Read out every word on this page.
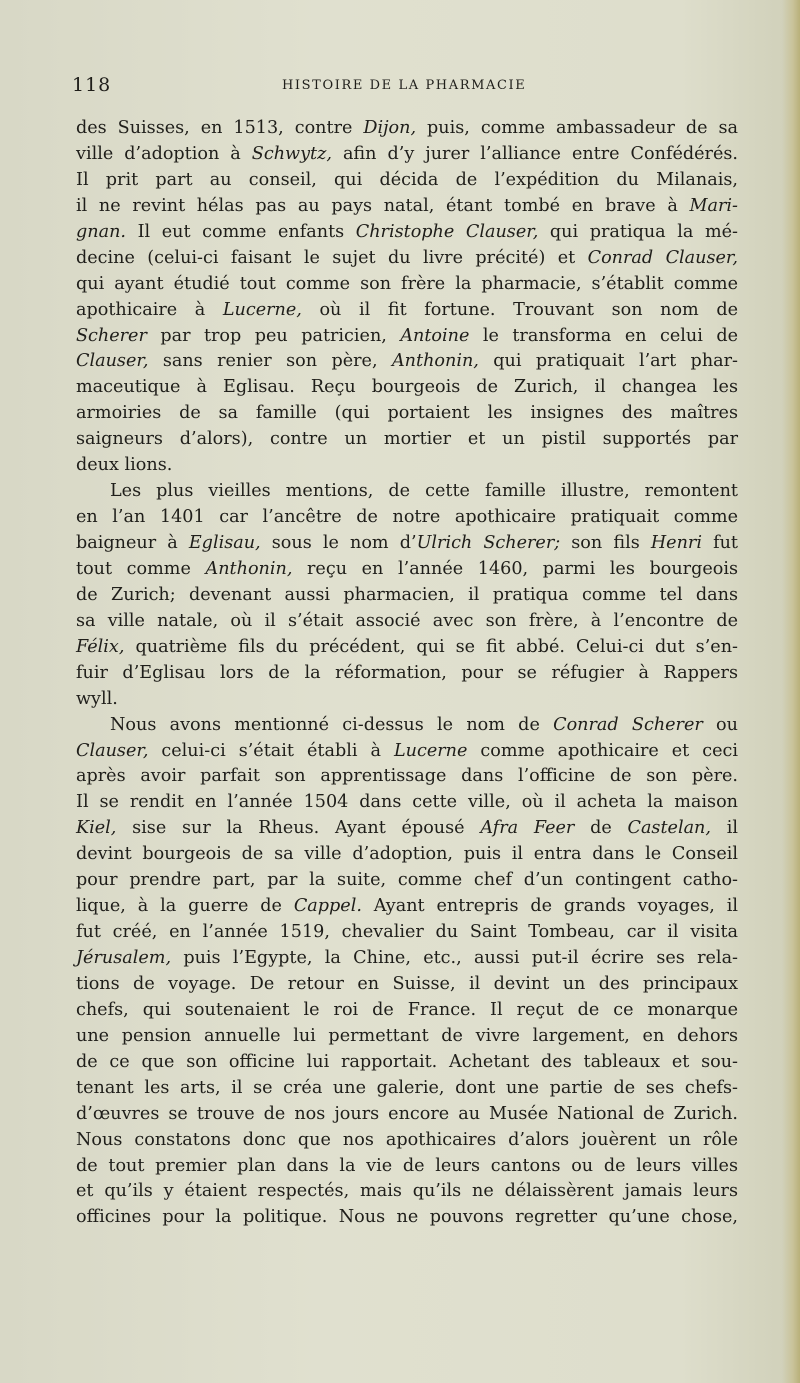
118	HISTOIRE DE LA PHARMACIE
des Suisses, en 1513, contre Dijon, puis, comme ambassadeur de sa
ville d’adoption à Schwytz, afin d’y jurer l’alliance entre Confédérés.
Il prit part au conseil, qui décida de l’expédition du Milanais,
il ne revint hélas pas au pays natal, étant tombé en brave à Mari-
gnan. Il eut comme enfants Christophe Clauser, qui pratiqua la mé-
decine (celui-ci faisant le sujet du livre précité) et Conrad Clauser,
qui ayant étudié tout comme son frère la pharmacie, s’établit comme
apothicaire à Lucerne, où il fit fortune. Trouvant son nom de
Scherer par trop peu patricien, Antoine le transforma en celui de
Clauser, sans renier son père, Anthonin, qui pratiquait l’art phar-
maceutique à Eglisau. Reçu bourgeois de Zurich, il changea les
armoiries de sa famille (qui portaient les insignes des maîtres
saigneurs d’alors), contre un mortier et un pistil supportés par
deux lions.
Les plus vieilles mentions, de cette famille illustre, remontent
en l’an 1401 car l’ancêtre de notre apothicaire pratiquait comme
baigneur à Eglisau, sous le nom d’Ulrich Scherer; son fils Henri fut
tout comme Anthonin, reçu en l’année 1460, parmi les bourgeois
de Zurich; devenant aussi pharmacien, il pratiqua comme tel dans
sa ville natale, où il s’était associé avec son frère, à l’encontre de
Félix, quatrième fils du précédent, qui se fit abbé. Celui-ci dut s’en-
fuir d’Eglisau lors de la réformation, pour se réfugier à Rappers
wyll.
Nous avons mentionné ci-dessus le nom de Conrad Scherer ou
Clauser, celui-ci s’était établi à Lucerne comme apothicaire et ceci
après avoir parfait son apprentissage dans l’officine de son père.
Il se rendit en l’année 1504 dans cette ville, où il acheta la maison
Kiel, sise sur la Rheus. Ayant épousé Afra Feer de Castelan, il
devint bourgeois de sa ville d’adoption, puis il entra dans le Conseil
pour prendre part, par la suite, comme chef d’un contingent catho-
lique, à la guerre de Cappel. Ayant entrepris de grands voyages, il
fut créé, en l’année 1519, chevalier du Saint Tombeau, car il visita
Jérusalem, puis l’Egypte, la Chine, etc., aussi put-il écrire ses rela-
tions de voyage. De retour en Suisse, il devint un des principaux
chefs, qui soutenaient le roi de France. Il reçut de ce monarque
une pension annuelle lui permettant de vivre largement, en dehors
de ce que son officine lui rapportait. Achetant des tableaux et sou-
tenant les arts, il se créa une galerie, dont une partie de ses chefs-
d’œuvres se trouve de nos jours encore au Musée National de Zurich.
Nous constatons donc que nos apothicaires d’alors jouèrent un rôle
de tout premier plan dans la vie de leurs cantons ou de leurs villes
et qu’ils y étaient respectés, mais qu’ils ne délaissèrent jamais leurs
officines pour la politique. Nous ne pouvons regretter qu’une chose,
